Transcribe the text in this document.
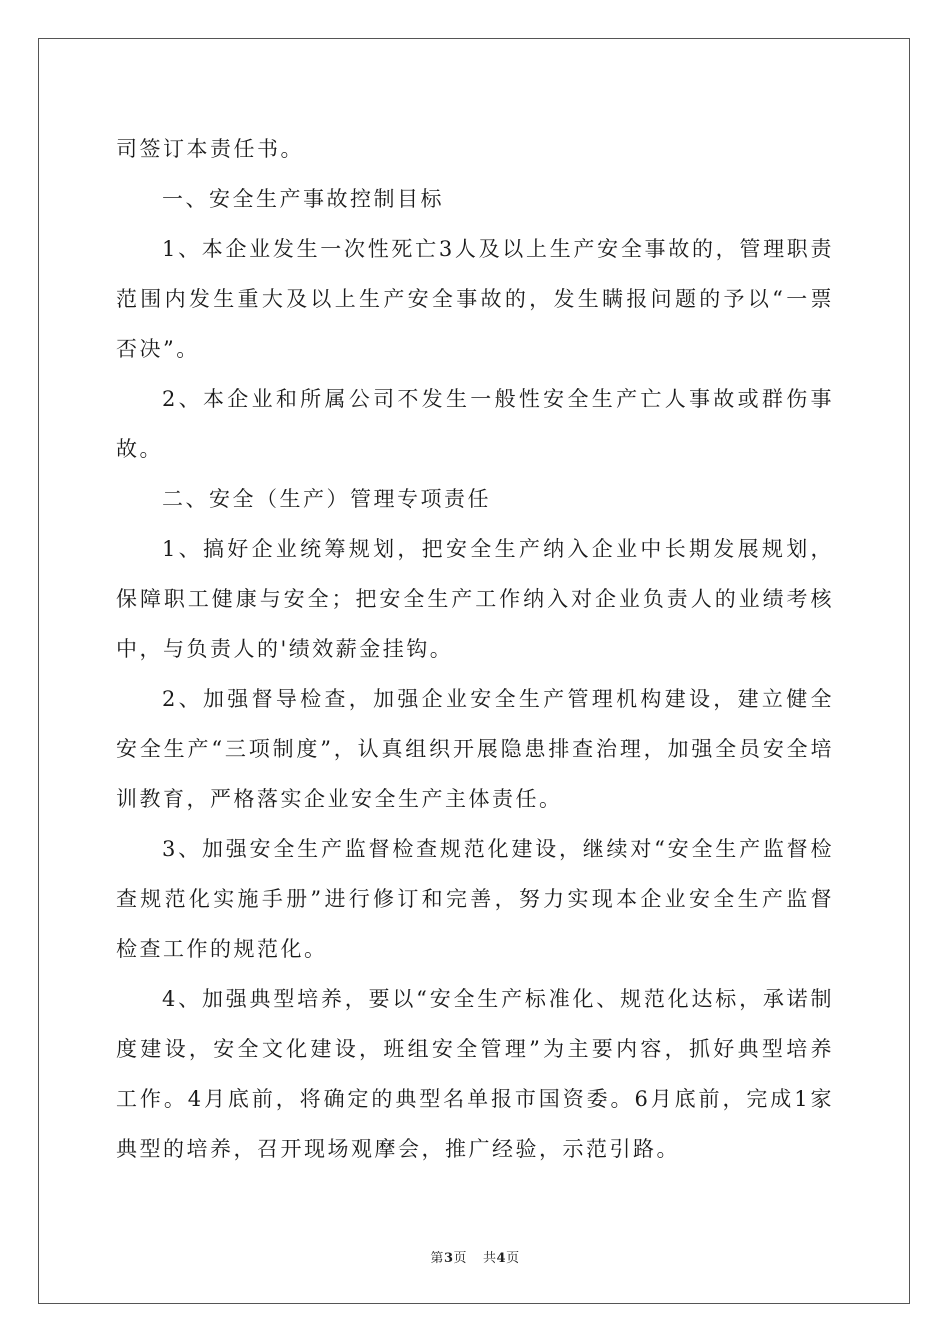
司签订本责任书。

一、安全生产事故控制目标

1、本企业发生一次性死亡3人及以上生产安全事故的，管理职责范围内发生重大及以上生产安全事故的，发生瞒报问题的予以“一票否决”。

2、本企业和所属公司不发生一般性安全生产亡人事故或群伤事故。

二、安全（生产）管理专项责任

1、搞好企业统筹规划，把安全生产纳入企业中长期发展规划，保障职工健康与安全；把安全生产工作纳入对企业负责人的业绩考核中，与负责人的'绩效薪金挂钩。

2、加强督导检查，加强企业安全生产管理机构建设，建立健全安全生产“三项制度”，认真组织开展隐患排查治理，加强全员安全培训教育，严格落实企业安全生产主体责任。

3、加强安全生产监督检查规范化建设，继续对“安全生产监督检查规范化实施手册”进行修订和完善，努力实现本企业安全生产监督检查工作的规范化。

4、加强典型培养，要以“安全生产标准化、规范化达标，承诺制度建设，安全文化建设，班组安全管理”为主要内容，抓好典型培养工作。4月底前，将确定的典型名单报市国资委。6月底前，完成1家典型的培养，召开现场观摩会，推广经验，示范引路。

第3页 共4页
